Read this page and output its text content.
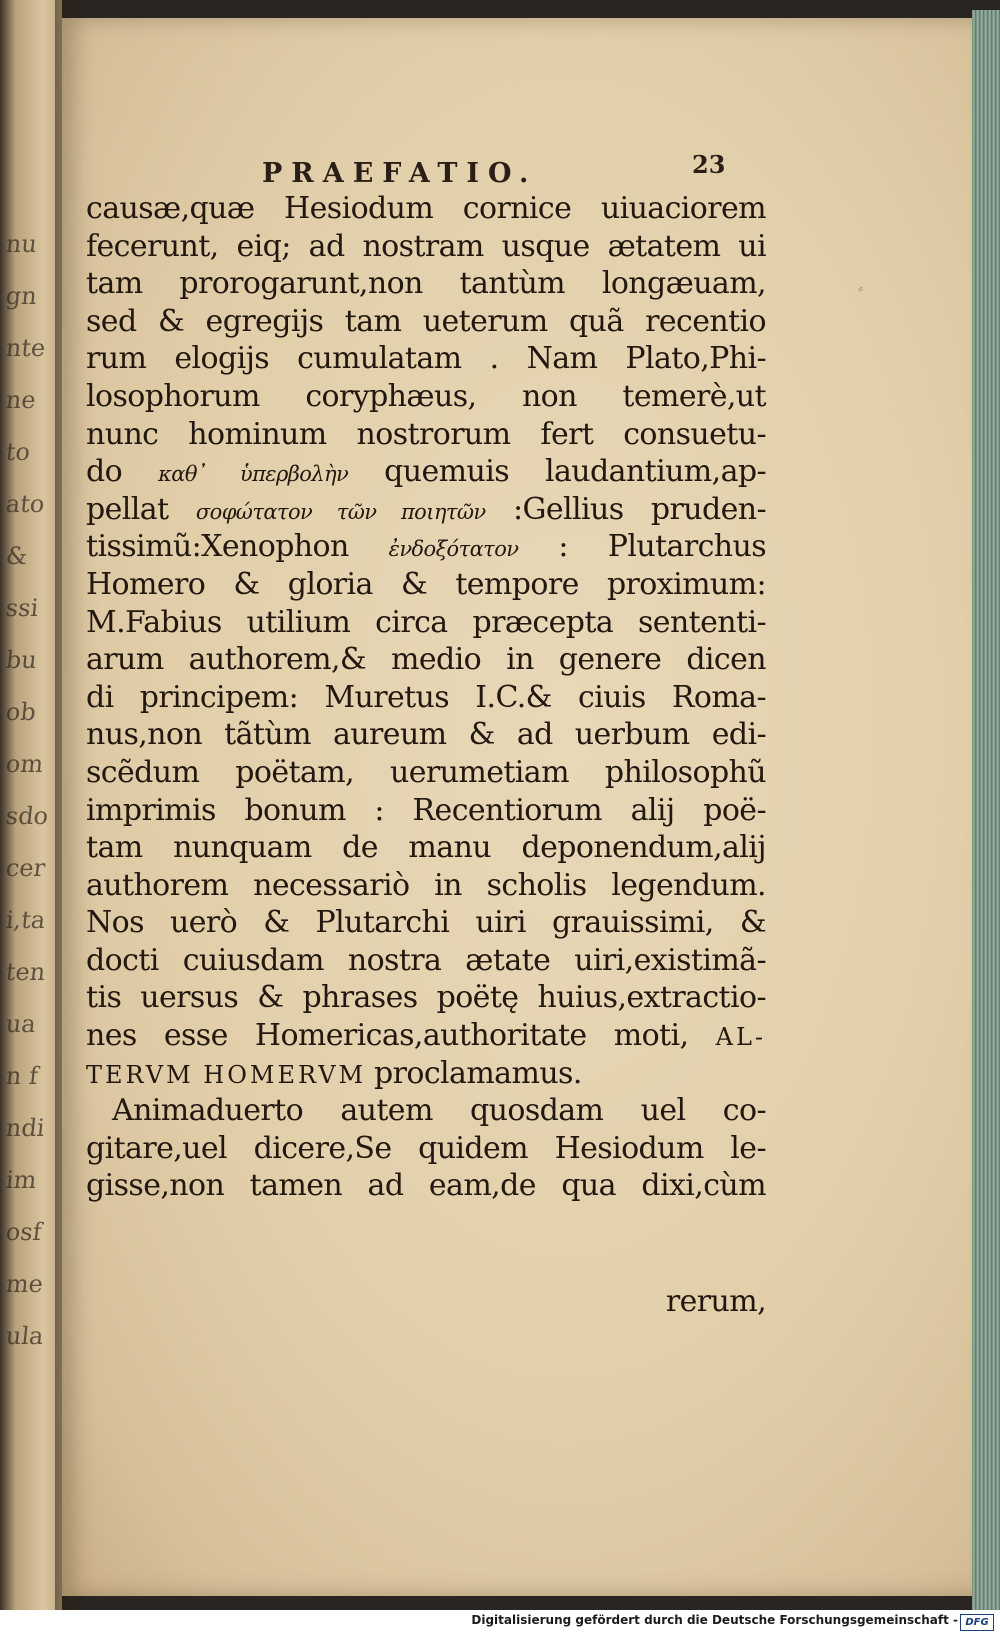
nu
gn
nte
ne
to
ato
&
ssi
bu
ob
om
sdo
cer
i,ta
ten
ua
n f
ndi
im
osf
me
ula
PRAEFATIO.	23
⸗
causæ,quæ Hesiodum cornice uiuaciorem
fecerunt, eiq; ad nostram usque ætatem ui
tam prorogarunt,non tantùm longæuam,
sed & egregijs tam ueterum quã recentio
rum elogijs cumulatam . Nam Plato,Phi-
losophorum coryphæus, non temerè,ut
nunc hominum nostrorum fert consuetu-
do καθ᾽ ὑπερβολὴν quemuis laudantium,ap-
pellat σοφώτατον τῶν ποιητῶν :Gellius pruden-
tissimũ:Xenophon ἐνδοξότατον : Plutarchus
Homero & gloria & tempore proximum:
M.Fabius utilium circa præcepta sententi-
arum authorem,& medio in genere dicen
di principem: Muretus I.C.& ciuis Roma-
nus,non tãtùm aureum & ad uerbum edi-
scẽdum poëtam, uerumetiam philosophũ
imprimis bonum : Recentiorum alij poë-
tam nunquam de manu deponendum,alij
authorem necessariò in scholis legendum.
Nos uerò & Plutarchi uiri grauissimi, &
docti cuiusdam nostra ætate uiri,existimã-
tis uersus & phrases poëtę huius,extractio-
nes esse Homericas,authoritate moti, AL-
TERVM HOMERVM proclamamus.
Animaduerto autem quosdam uel co-
gitare,uel dicere,Se quidem Hesiodum le-
gisse,non tamen ad eam,de qua dixi,cùm
rerum,
Digitalisierung gefördert durch die Deutsche Forschungsgemeinschaft - DFG
